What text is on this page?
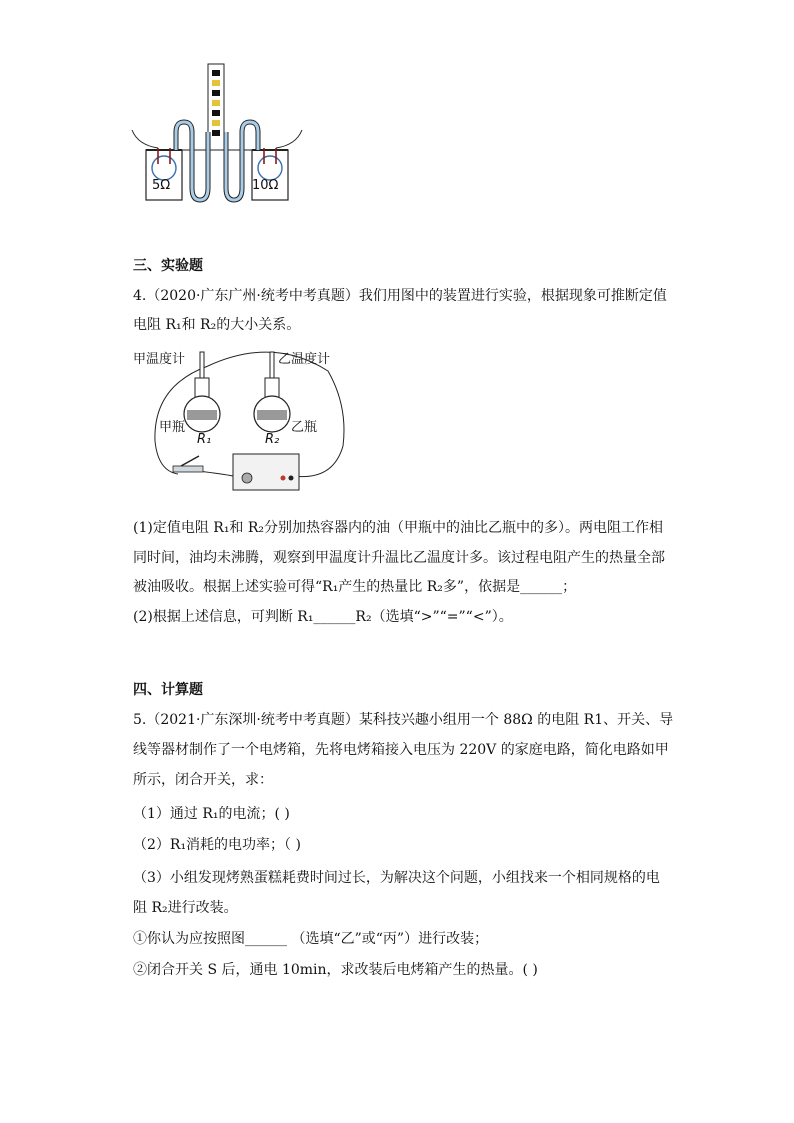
5Ω	10Ω
三、实验题
4.（2020·广东广州·统考中考真题）我们用图中的装置进行实验，根据现象可推断定值
电阻 R₁和 R₂的大小关系。
甲温度计	乙温度计
甲瓶	乙瓶
R₁	R₂
(1)定值电阻 R₁和 R₂分别加热容器内的油（甲瓶中的油比乙瓶中的多）。两电阻工作相
同时间，油均未沸腾，观察到甲温度计升温比乙温度计多。该过程电阻产生的热量全部
被油吸收。根据上述实验可得“R₁产生的热量比 R₂多”，依据是______；
(2)根据上述信息，可判断 R₁______R₂（选填“>”“=”“<”）。
四、计算题
5.（2021·广东深圳·统考中考真题）某科技兴趣小组用一个 88Ω 的电阻 R1、开关、导
线等器材制作了一个电烤箱，先将电烤箱接入电压为 220V 的家庭电路，简化电路如甲
所示，闭合开关，求：
（1）通过 R₁的电流；( )
（2）R₁消耗的电功率；（ )
（3）小组发现烤熟蛋糕耗费时间过长，为解决这个问题，小组找来一个相同规格的电
阻 R₂进行改装。
①你认为应按照图______ （选填“乙”或“丙”）进行改装；
②闭合开关 S 后，通电 10min，求改装后电烤箱产生的热量。( )
